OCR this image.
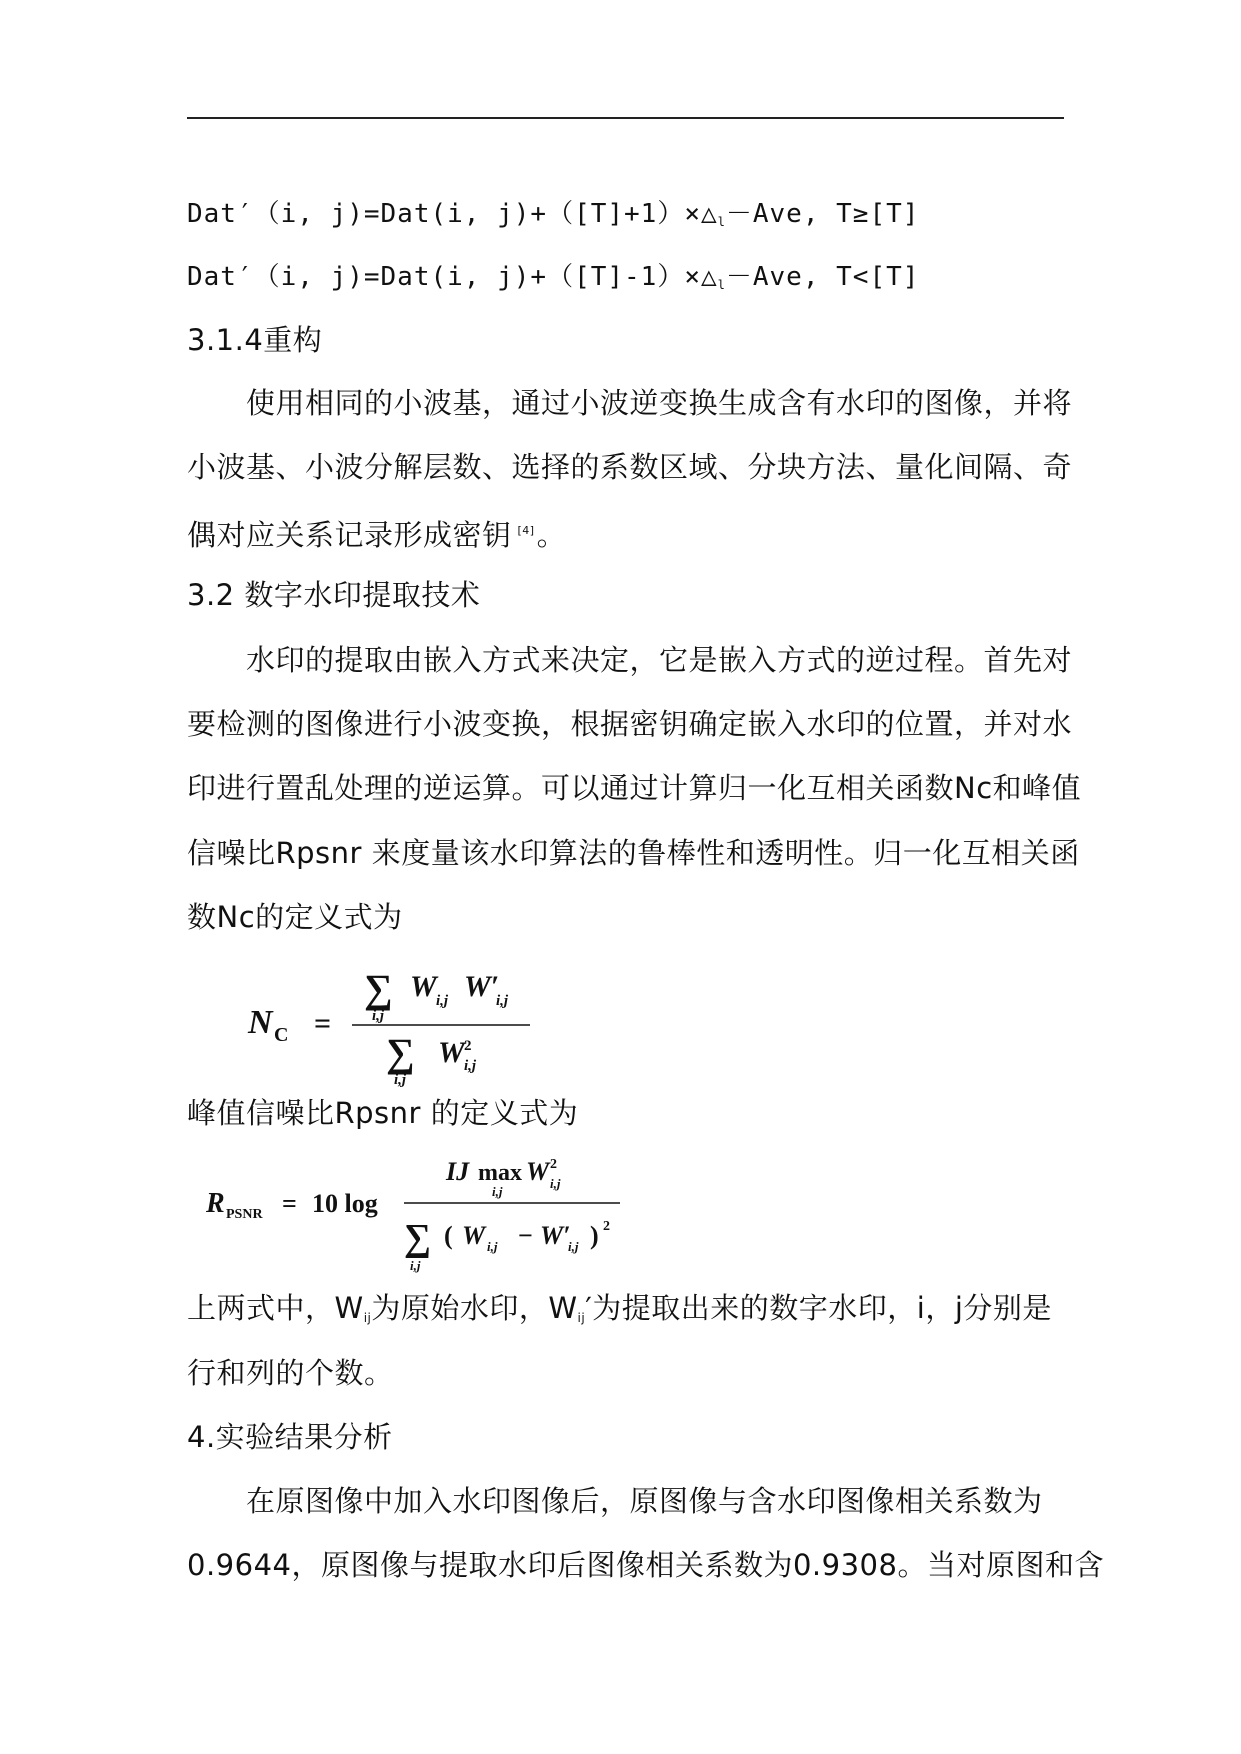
Dat′（i, j)=Dat(i, $j)+([T]+1)\times\triangle_l-Ave$, T≥[T]
Dat′（i, j)=Dat(i, $j)+([T]-1)\times\triangle_l-Ave$, T<[T]
3.1.4重构
使用相同的小波基，通过小波逆变换生成含有水印的图像，并将
小波基、小波分解层数、选择的系数区域、分块方法、量化间隔、奇
偶对应关系记录形成密钥 [4]。
3.2 数字水印提取技术
水印的提取由嵌入方式来决定，它是嵌入方式的逆过程。首先对
要检测的图像进行小波变换，根据密钥确定嵌入水印的位置，并对水
印进行置乱处理的逆运算。可以通过计算归一化互相关函数Nc和峰值
信噪比Rpsnr 来度量该水印算法的鲁棒性和透明性。归一化互相关函
数Nc的定义式为
N C =
∑
i,j
W i,j W′
i,j
∑
i,j
W 2
i,j
峰值信噪比Rpsnr 的定义式为
R PSNR = 10 log
IJ max
i,j
W 2
i,j
∑
i,j
( W i,j − W′
i,j ) 2
上两式中，$W_{ij}$为原始水印，$W_{ij}'$为提取出来的数字水印，i，j分别是
行和列的个数。
4.实验结果分析
在原图像中加入水印图像后，原图像与含水印图像相关系数为
0.9644，原图像与提取水印后图像相关系数为0.9308。当对原图和含
